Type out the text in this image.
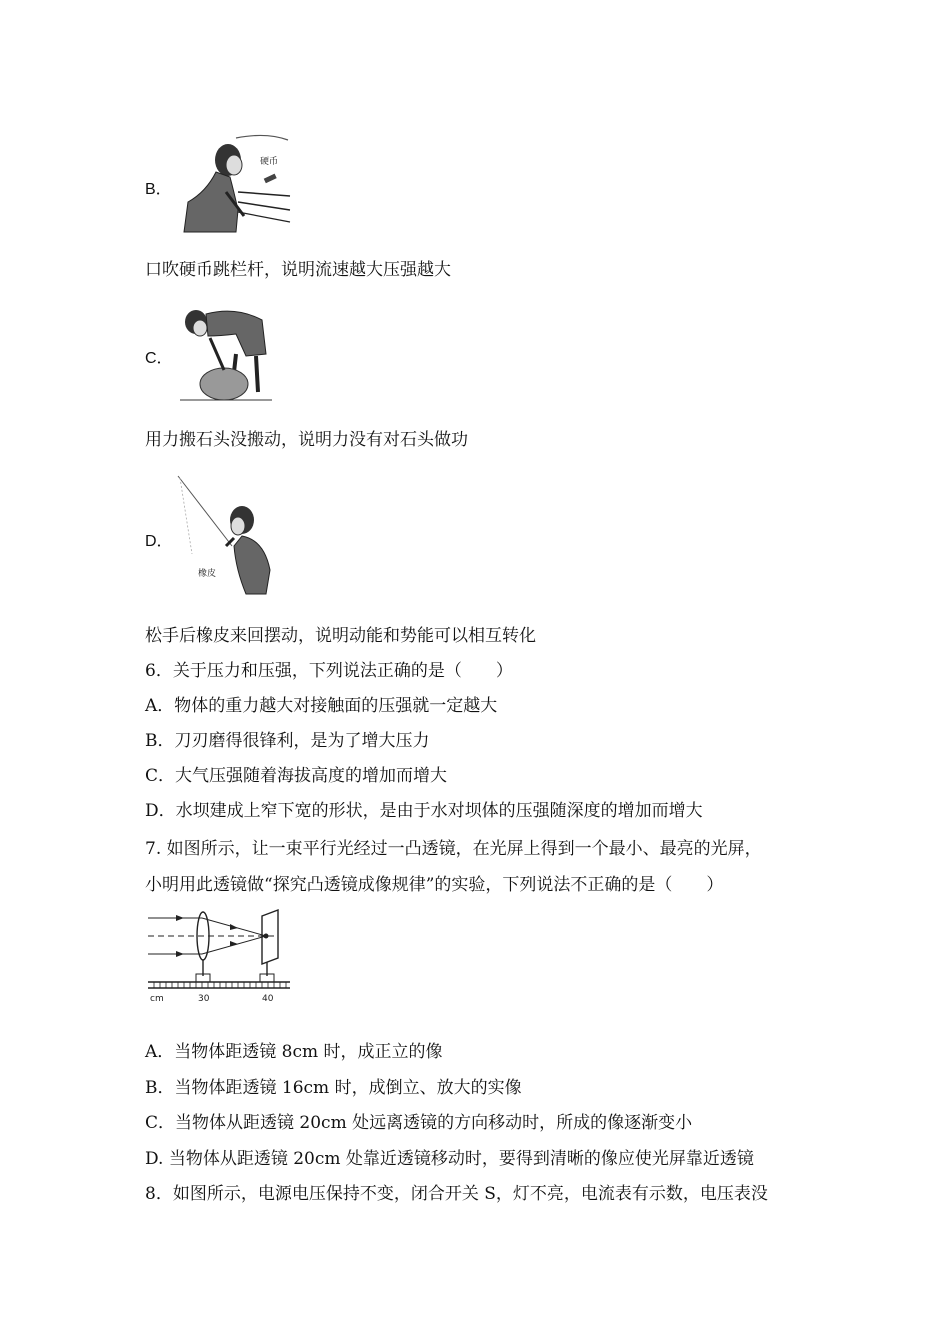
B．
硬币
口吹硬币跳栏杆，说明流速越大压强越大
C．
用力搬石头没搬动，说明力没有对石头做功
D．
橡皮
松手后橡皮来回摆动，说明动能和势能可以相互转化
6．关于压力和压强，下列说法正确的是（　　）
A．物体的重力越大对接触面的压强就一定越大
B．刀刃磨得很锋利，是为了增大压力
C．大气压强随着海拔高度的增加而增大
D．水坝建成上窄下宽的形状，是由于水对坝体的压强随深度的增加而增大
7. 如图所示，让一束平行光经过一凸透镜，在光屏上得到一个最小、最亮的光屏，
小明用此透镜做“探究凸透镜成像规律”的实验，下列说法不正确的是（　　）
cm	30	40
A．当物体距透镜 8cm 时，成正立的像
B．当物体距透镜 16cm 时，成倒立、放大的实像
C．当物体从距透镜 20cm 处远离透镜的方向移动时，所成的像逐渐变小
D. 当物体从距透镜 20cm 处靠近透镜移动时，要得到清晰的像应使光屏靠近透镜
8．如图所示，电源电压保持不变，闭合开关 S，灯不亮，电流表有示数，电压表没
